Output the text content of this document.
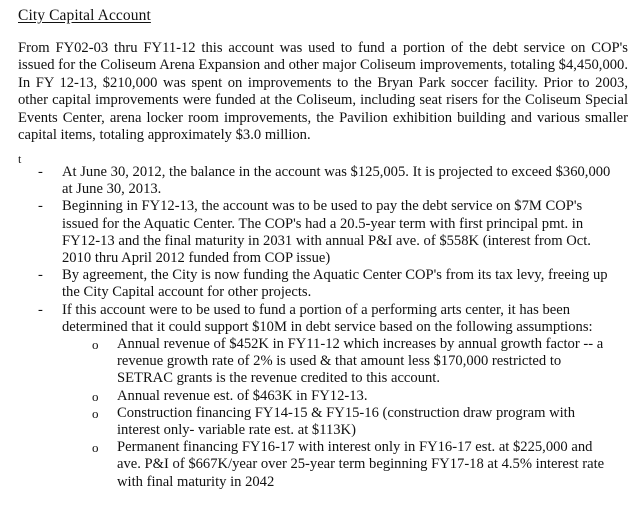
City Capital Account

From FY02-03 thru FY11-12 this account was used to fund a portion of the debt service on COP's issued for the Coliseum Arena Expansion and other major Coliseum improvements, totaling $4,450,000. In FY 12-13, $210,000 was spent on improvements to the Bryan Park soccer facility. Prior to 2003, other capital improvements were funded at the Coliseum, including seat risers for the Coliseum Special Events Center, arena locker room improvements, the Pavilion exhibition building and various smaller capital items, totaling approximately $3.0 million.

t
- At June 30, 2012, the balance in the account was $125,005. It is projected to exceed $360,000 at June 30, 2013.
- Beginning in FY12-13, the account was to be used to pay the debt service on $7M COP's issued for the Aquatic Center. The COP's had a 20.5-year term with first principal pmt. in FY12-13 and the final maturity in 2031 with annual P&I ave. of $558K (interest from Oct. 2010 thru April 2012 funded from COP issue)
- By agreement, the City is now funding the Aquatic Center COP's from its tax levy, freeing up the City Capital account for other projects.
- If this account were to be used to fund a portion of a performing arts center, it has been determined that it could support $10M in debt service based on the following assumptions:
o Annual revenue of $452K in FY11-12 which increases by annual growth factor -- a revenue growth rate of 2% is used & that amount less $170,000 restricted to SETRAC grants is the revenue credited to this account.
o Annual revenue est. of $463K in FY12-13.
o Construction financing FY14-15 & FY15-16 (construction draw program with interest only- variable rate est. at $113K)
o Permanent financing FY16-17 with interest only in FY16-17 est. at $225,000 and ave. P&I of $667K/year over 25-year term beginning FY17-18 at 4.5% interest rate with final maturity in 2042
